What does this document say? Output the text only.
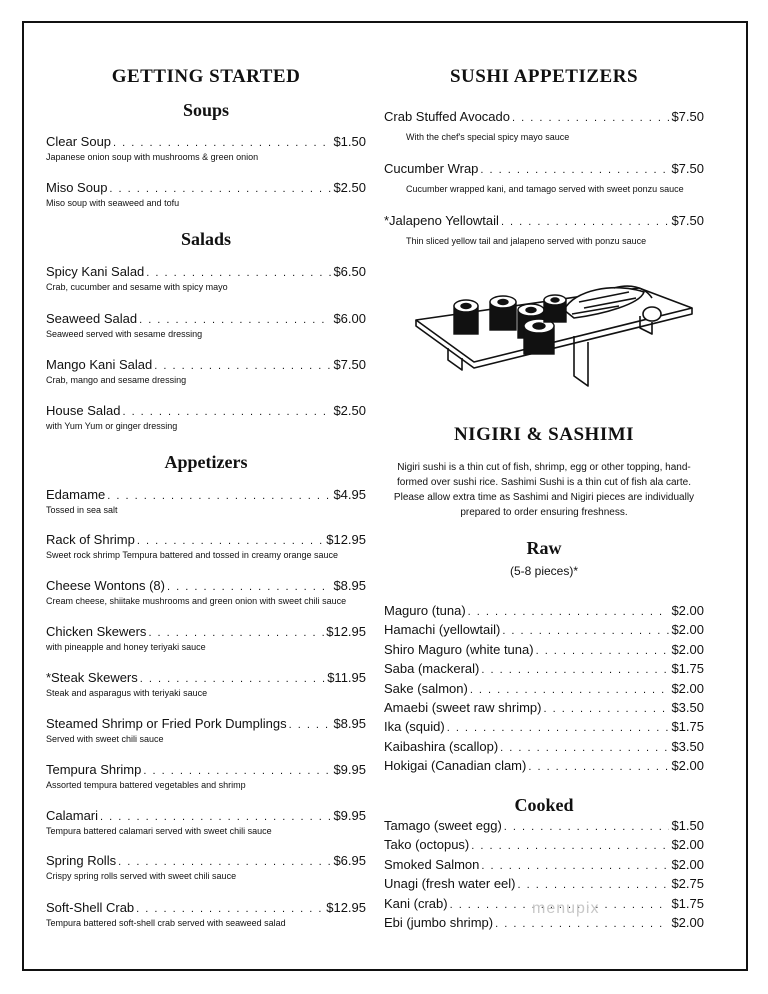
GETTING STARTED
Soups
Clear Soup . . .	$1.50
Japanese onion soup with mushrooms & green onion
Miso Soup . . .	$2.50
Miso soup with seaweed and tofu
Salads
Spicy Kani Salad . . .	$6.50
Crab, cucumber and sesame with spicy mayo
Seaweed Salad . . .	$6.00
Seaweed served with sesame dressing
Mango Kani Salad . . .	$7.50
Crab, mango and sesame dressing
House Salad . . .	$2.50
with Yum Yum or ginger dressing
Appetizers
Edamame . . .	$4.95
Tossed in sea salt
Rack of Shrimp . . .	$12.95
Sweet rock shrimp Tempura battered and tossed in creamy orange sauce
Cheese Wontons (8) . . .	$8.95
Cream cheese, shiitake mushrooms and green onion with sweet chili sauce
Chicken Skewers . . .	$12.95
with pineapple and honey teriyaki sauce
*Steak Skewers . . .	$11.95
Steak and asparagus with teriyaki sauce
Steamed Shrimp or Fried Pork Dumplings . . .	$8.95
Served with sweet chili sauce
Tempura Shrimp . . .	$9.95
Assorted tempura battered vegetables and shrimp
Calamari . . .	$9.95
Tempura battered calamari served with sweet chili sauce
Spring Rolls . . .	$6.95
Crispy spring rolls served with sweet chili sauce
Soft-Shell Crab . . .	$12.95
Tempura battered soft-shell crab served with seaweed salad
SUSHI APPETIZERS
Crab Stuffed Avocado . . .	$7.50
With the chef's special spicy mayo sauce
Cucumber Wrap . . .	$7.50
Cucumber wrapped kani, and tamago served with sweet ponzu sauce
*Jalapeno Yellowtail . . .	$7.50
Thin sliced yellow tail and jalapeno served with ponzu sauce
NIGIRI & SASHIMI
Nigiri sushi is a thin cut of fish, shrimp, egg or other topping, hand-
formed over sushi rice. Sashimi Sushi is a thin cut of fish ala carte.
Please allow extra time as Sashimi and Nigiri pieces are individually
prepared to order ensuring freshness.
Raw
(5-8 pieces)*
Maguro (tuna) . . .	$2.00
Hamachi (yellowtail) . . .	$2.00
Shiro Maguro (white tuna) . . .	$2.00
Saba (mackeral) . . .	$1.75
Sake (salmon) . . .	$2.00
Amaebi (sweet raw shrimp) . . .	$3.50
Ika (squid) . . .	$1.75
Kaibashira (scallop) . . .	$3.50
Hokigai (Canadian clam) . . .	$2.00
Cooked
Tamago (sweet egg) . . .	$1.50
Tako (octopus) . . .	$2.00
Smoked Salmon . . .	$2.00
Unagi (fresh water eel) . . .	$2.75
Kani (crab) . . .	$1.75
Ebi (jumbo shrimp) . . .	$2.00
menupix
